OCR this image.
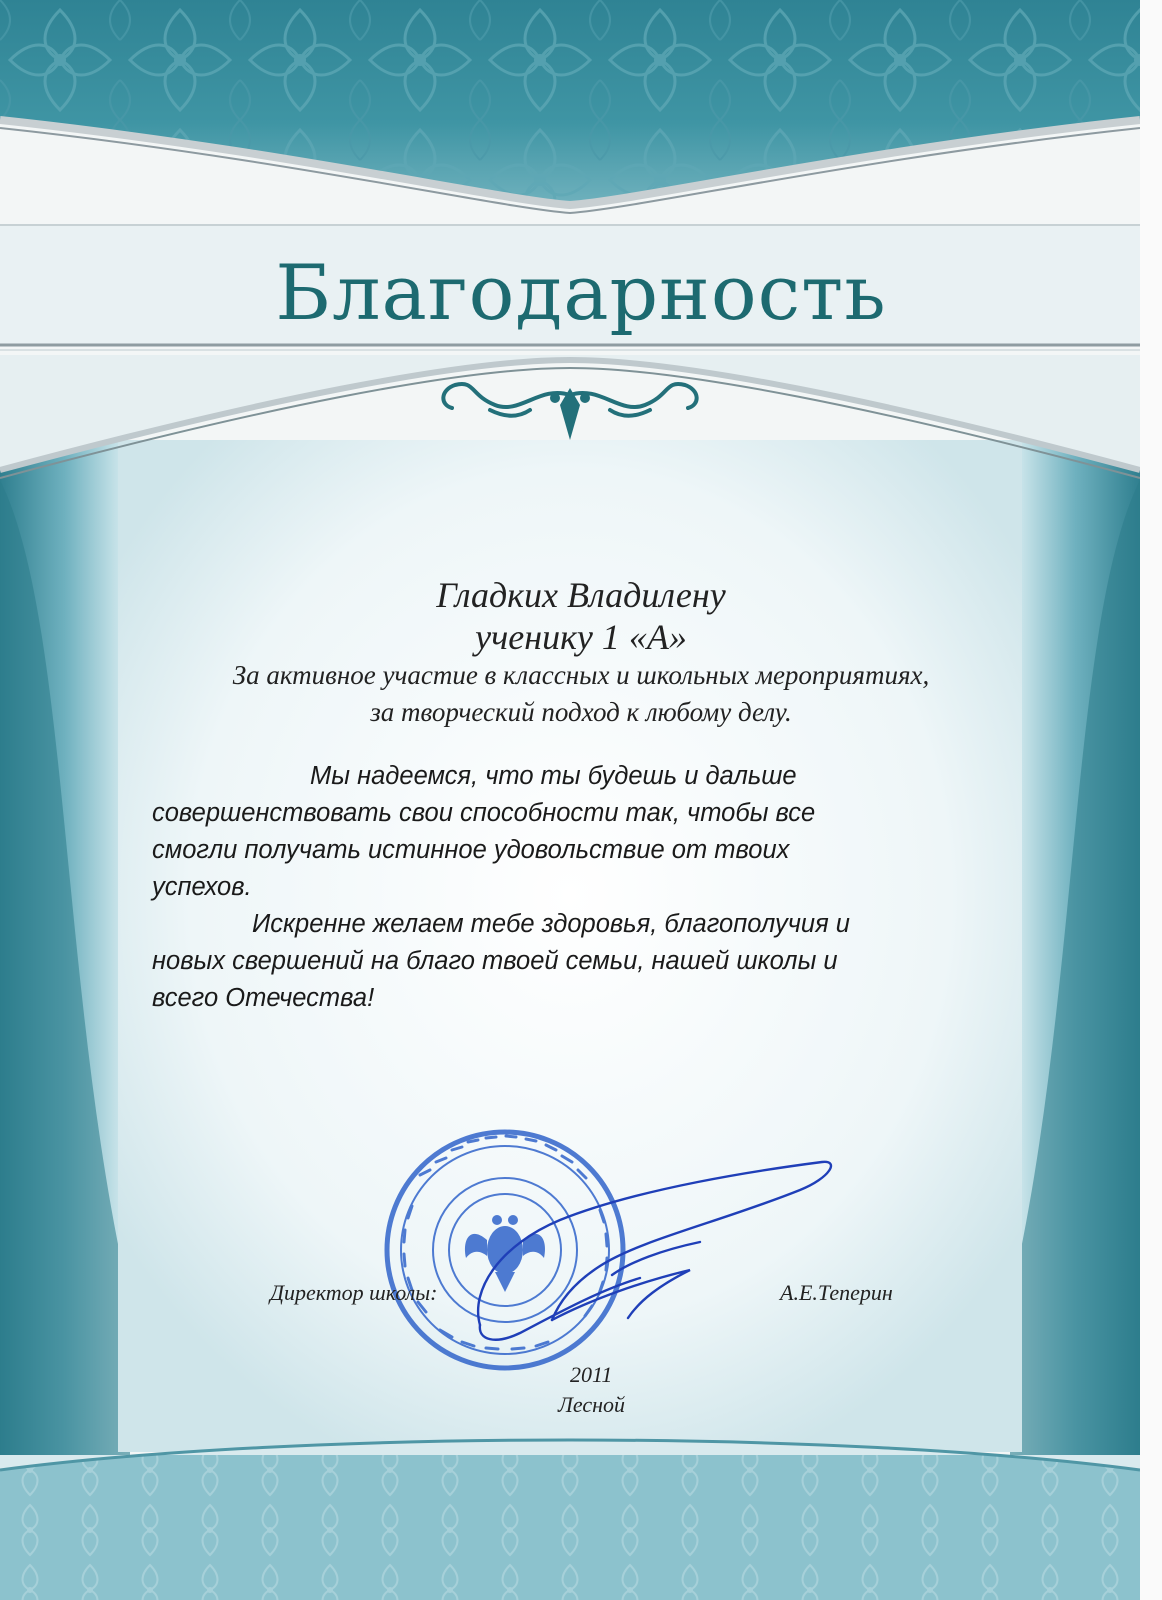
Благодарность
Гладких Владилену
ученику 1 «А»
За активное участие в классных и школьных мероприятиях,
за творческий подход к любому делу.
Мы надеемся, что ты будешь и дальше
совершенствовать свои способности так, чтобы все
смогли получать истинное удовольствие от твоих
успехов.
Искренне желаем тебе здоровья, благополучия и
новых свершений на благо твоей семьи, нашей школы и
всего Отечества!
Директор школы:	А.Е.Теперин
2011
Лесной
